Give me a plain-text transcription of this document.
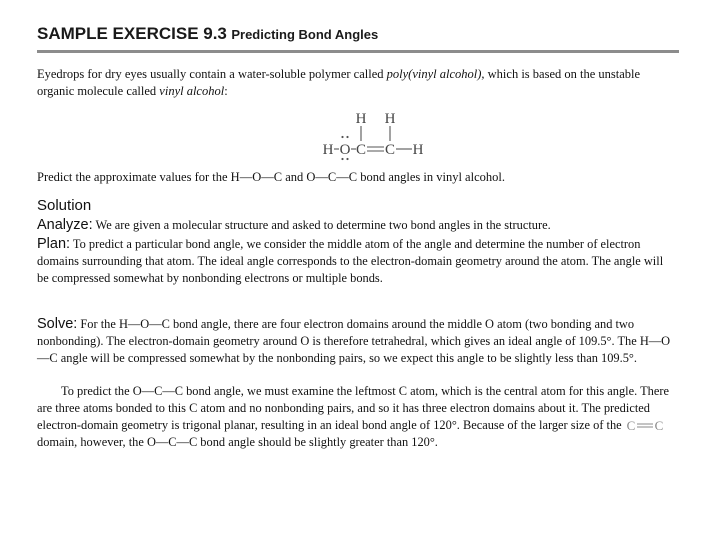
SAMPLE EXERCISE 9.3 Predicting Bond Angles
Eyedrops for dry eyes usually contain a water-soluble polymer called poly(vinyl alcohol), which is based on the unstable organic molecule called vinyl alcohol:
H H
H O C C H
Predict the approximate values for the H—O—C and O—C—C bond angles in vinyl alcohol.
Solution
Analyze: We are given a molecular structure and asked to determine two bond angles in the structure.
Plan: To predict a particular bond angle, we consider the middle atom of the angle and determine the number of electron domains surrounding that atom. The ideal angle corresponds to the electron-domain geometry around the atom. The angle will be compressed somewhat by nonbonding electrons or multiple bonds.
Solve: For the H—O—C bond angle, there are four electron domains around the middle O atom (two bonding and two nonbonding). The electron-domain geometry around O is therefore tetrahedral, which gives an ideal angle of 109.5°. The H—O—C angle will be compressed somewhat by the nonbonding pairs, so we expect this angle to be slightly less than 109.5°.
To predict the O—C—C bond angle, we must examine the leftmost C atom, which is the central atom for this angle. There are three atoms bonded to this C atom and no nonbonding pairs, and so it has three electron domains about it. The predicted electron-domain geometry is trigonal planar, resulting in an ideal bond angle of 120°. Because of the larger size of the C C
domain, however, the O—C—C bond angle should be slightly greater than 120°.
